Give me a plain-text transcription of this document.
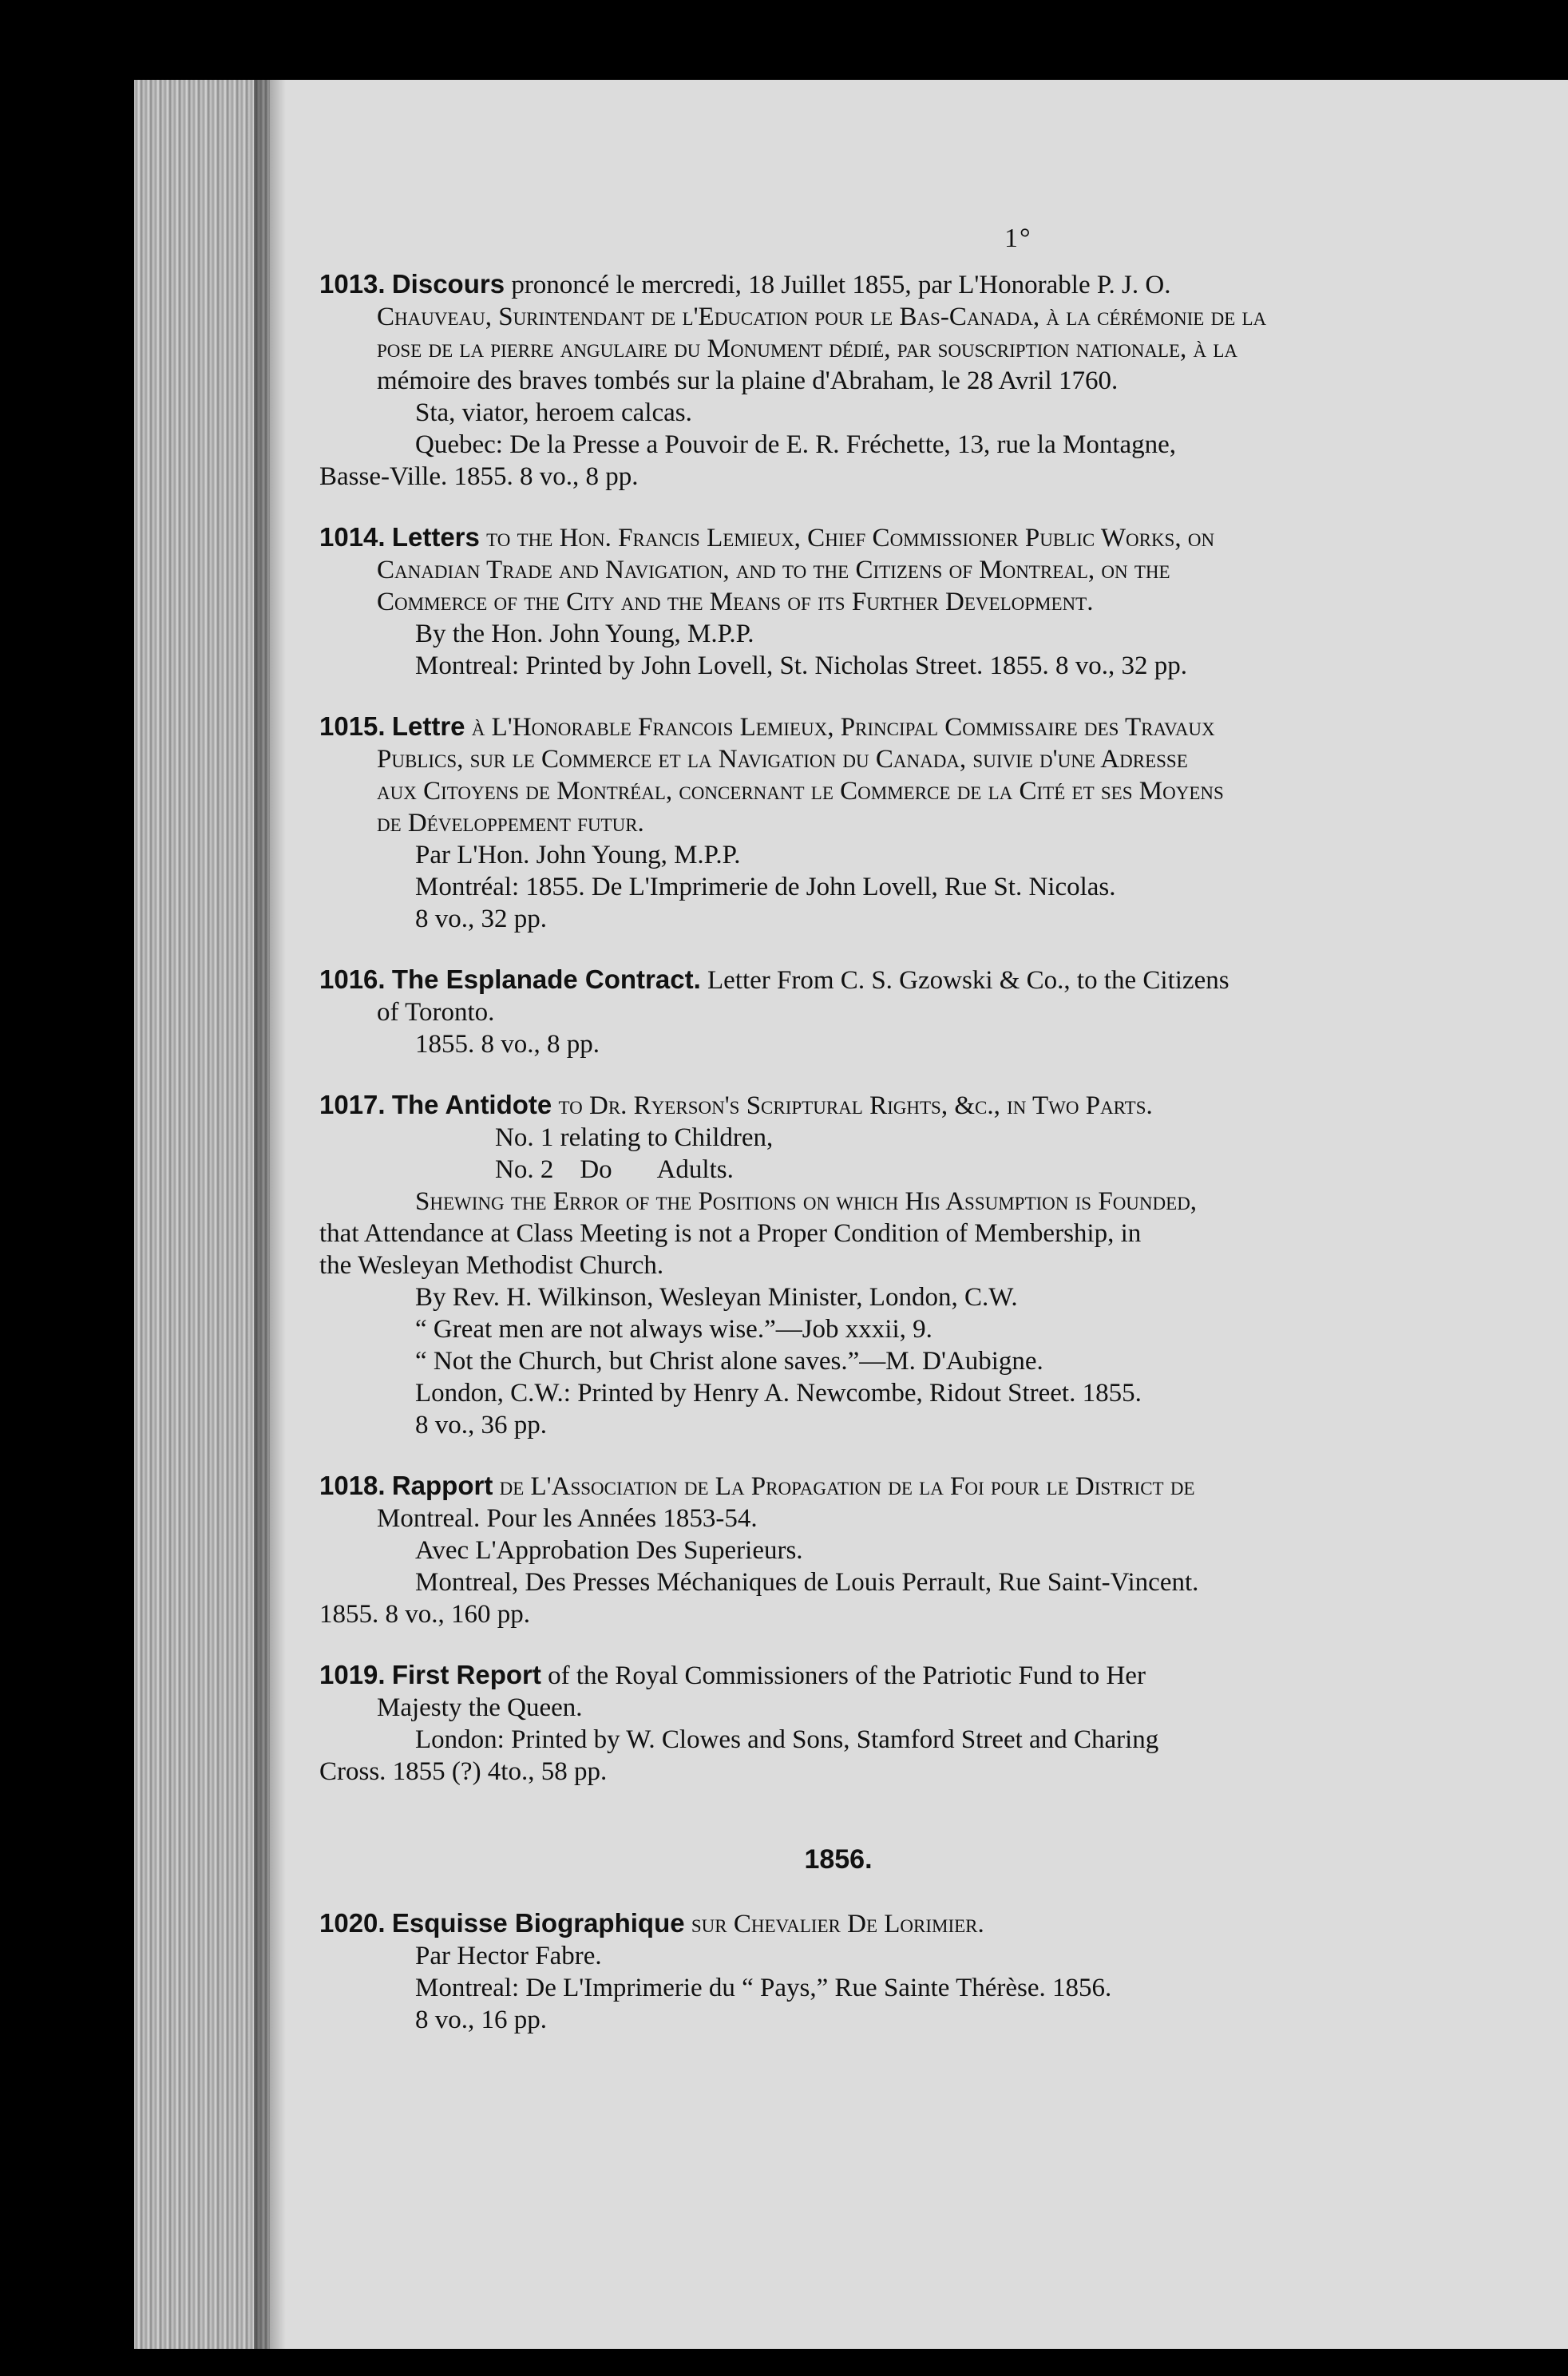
1°
1013. Discours prononcé le mercredi, 18 Juillet 1855, par L'Honorable P. J. O.
Chauveau, Surintendant de l'Education pour le Bas-Canada, à la cérémonie de la
pose de la pierre angulaire du Monument dédié, par souscription nationale, à la
mémoire des braves tombés sur la plaine d'Abraham, le 28 Avril 1760.
Sta, viator, heroem calcas.
Quebec: De la Presse a Pouvoir de E. R. Fréchette, 13, rue la Montagne,
Basse-Ville. 1855. 8 vo., 8 pp.
1014. Letters to the Hon. Francis Lemieux, Chief Commissioner Public Works, on
Canadian Trade and Navigation, and to the Citizens of Montreal, on the
Commerce of the City and the Means of its Further Development.
By the Hon. John Young, M.P.P.
Montreal: Printed by John Lovell, St. Nicholas Street. 1855. 8 vo., 32 pp.
1015. Lettre à L'Honorable Francois Lemieux, Principal Commissaire des Travaux
Publics, sur le Commerce et la Navigation du Canada, suivie d'une Adresse
aux Citoyens de Montréal, concernant le Commerce de la Cité et ses Moyens
de Développement futur.
Par L'Hon. John Young, M.P.P.
Montréal: 1855. De L'Imprimerie de John Lovell, Rue St. Nicolas.
8 vo., 32 pp.
1016. The Esplanade Contract. Letter From C. S. Gzowski & Co., to the Citizens
of Toronto.
1855. 8 vo., 8 pp.
1017. The Antidote to Dr. Ryerson's Scriptural Rights, &c., in Two Parts.
No. 1 relating to Children,
No. 2    Do       Adults.
Shewing the Error of the Positions on which His Assumption is Founded,
that Attendance at Class Meeting is not a Proper Condition of Membership, in
the Wesleyan Methodist Church.
By Rev. H. Wilkinson, Wesleyan Minister, London, C.W.
“ Great men are not always wise.”—Job xxxii, 9.
“ Not the Church, but Christ alone saves.”—M. D'Aubigne.
London, C.W.: Printed by Henry A. Newcombe, Ridout Street. 1855.
8 vo., 36 pp.
1018. Rapport de L'Association de La Propagation de la Foi pour le District de
Montreal. Pour les Années 1853-54.
Avec L'Approbation Des Superieurs.
Montreal, Des Presses Méchaniques de Louis Perrault, Rue Saint-Vincent.
1855. 8 vo., 160 pp.
1019. First Report of the Royal Commissioners of the Patriotic Fund to Her
Majesty the Queen.
London: Printed by W. Clowes and Sons, Stamford Street and Charing
Cross. 1855 (?) 4to., 58 pp.
1856.
1020. Esquisse Biographique sur Chevalier De Lorimier.
Par Hector Fabre.
Montreal: De L'Imprimerie du “ Pays,” Rue Sainte Thérèse. 1856.
8 vo., 16 pp.
